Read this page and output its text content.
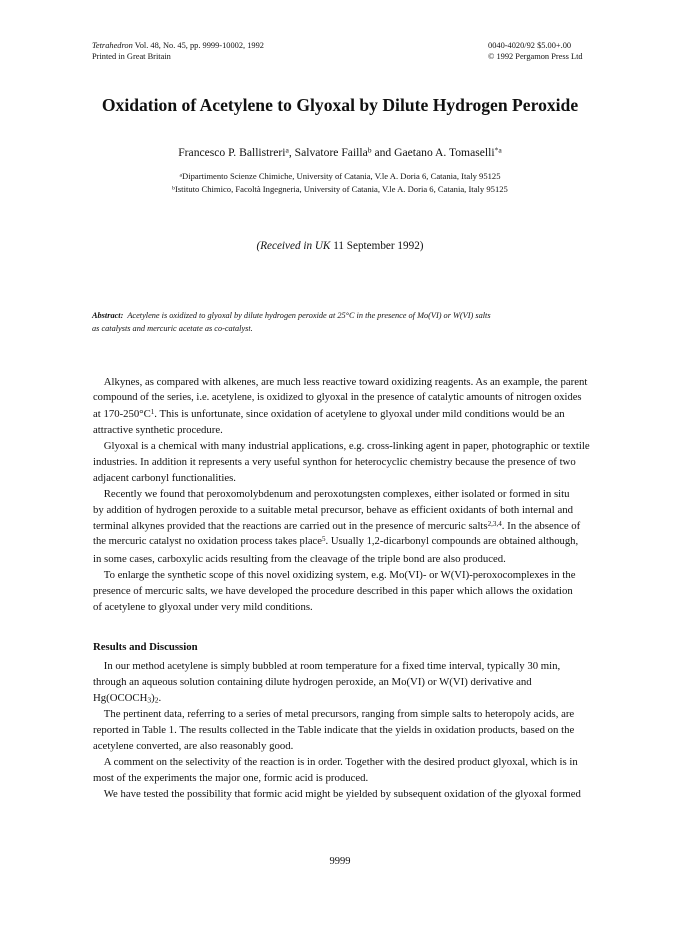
Tetrahedron Vol. 48, No. 45, pp. 9999-10002, 1992
Printed in Great Britain
0040-4020/92 $5.00+.00
© 1992 Pergamon Press Ltd
Oxidation of Acetylene to Glyoxal by Dilute Hydrogen Peroxide
Francesco P. Ballistreri$^a$, Salvatore Failla$^b$ and Gaetano A. Tomaselli$^{*a}$
$^a$Dipartimento Scienze Chimiche, University of Catania, V.le A. Doria 6, Catania, Italy 95125
$^b$Istituto Chimico, Facoltà Ingegneria, University of Catania, V.le A. Doria 6, Catania, Italy 95125
(Received in UK 11 September 1992)
Abstract: Acetylene is oxidized to glyoxal by dilute hydrogen peroxide at 25°C in the presence of Mo(VI) or W(VI) salts
as catalysts and mercuric acetate as co-catalyst.
Alkynes, as compared with alkenes, are much less reactive toward oxidizing reagents. As an example, the parent
compound of the series, i.e. acetylene, is oxidized to glyoxal in the presence of catalytic amounts of nitrogen oxides
at $170-250^\circ C^1$. This is unfortunate, since oxidation of acetylene to glyoxal under mild conditions would be an
attractive synthetic procedure.
Glyoxal is a chemical with many industrial applications, e.g. cross-linking agent in paper, photographic or textile
industries. In addition it represents a very useful synthon for heterocyclic chemistry because the presence of two
adjacent carbonyl functionalities.
Recently we found that peroxomolybdenum and peroxotungsten complexes, either isolated or formed in situ
by addition of hydrogen peroxide to a suitable metal precursor, behave as efficient oxidants of both internal and
terminal alkynes provided that the reactions are carried out in the presence of mercuric salts$^{2,3,4}$. In the absence of
the mercuric catalyst no oxidation process takes place$^5$. Usually 1,2-dicarbonyl compounds are obtained although,
in some cases, carboxylic acids resulting from the cleavage of the triple bond are also produced.
To enlarge the synthetic scope of this novel oxidizing system, e.g. Mo(VI)- or W(VI)-peroxocomplexes in the
presence of mercuric salts, we have developed the procedure described in this paper which allows the oxidation
of acetylene to glyoxal under very mild conditions.
Results and Discussion
In our method acetylene is simply bubbled at room temperature for a fixed time interval, typically 30 min,
through an aqueous solution containing dilute hydrogen peroxide, an Mo(VI) or W(VI) derivative and
$Hg(OCOCH_3)_2$.
The pertinent data, referring to a series of metal precursors, ranging from simple salts to heteropoly acids, are
reported in Table 1. The results collected in the Table indicate that the yields in oxidation products, based on the
acetylene converted, are also reasonably good.
A comment on the selectivity of the reaction is in order. Together with the desired product glyoxal, which is in
most of the experiments the major one, formic acid is produced.
We have tested the possibility that formic acid might be yielded by subsequent oxidation of the glyoxal formed
9999
